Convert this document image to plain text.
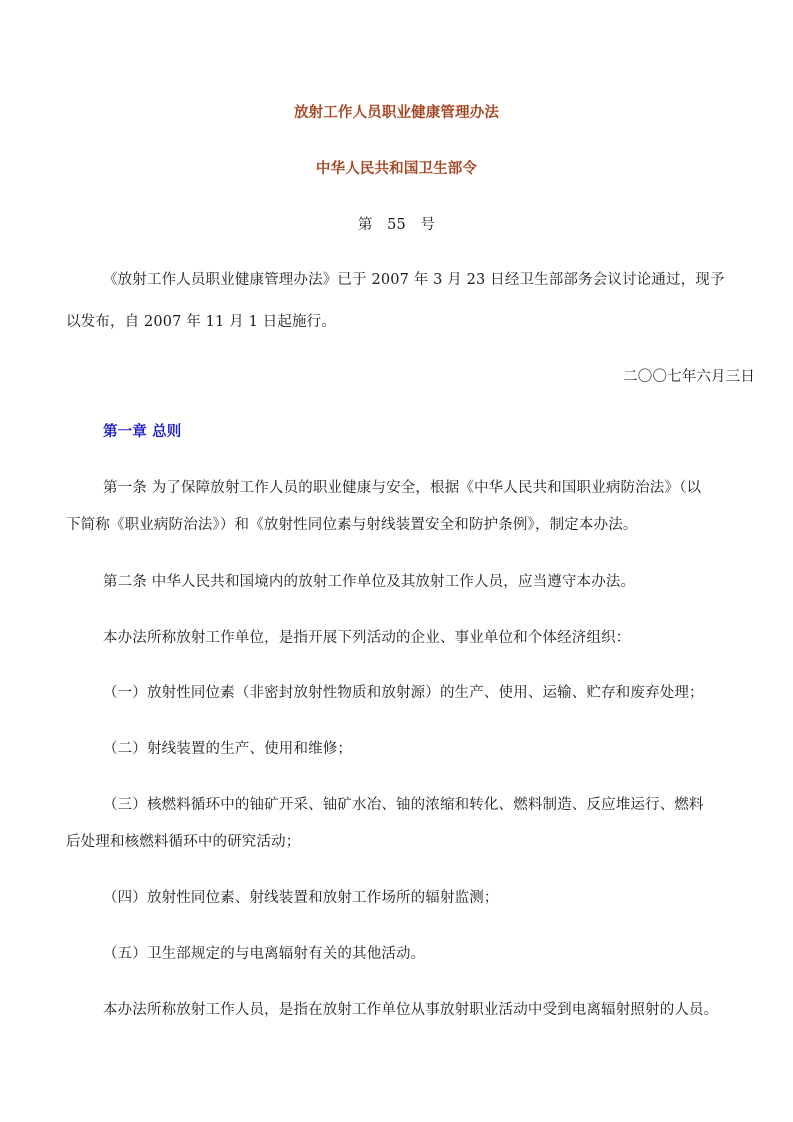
放射工作人员职业健康管理办法
中华人民共和国卫生部令
第　55　号
《放射工作人员职业健康管理办法》已于 2007 年 3 月 23 日经卫生部部务会议讨论通过，现予
以发布，自 2007 年 11 月 1 日起施行。
二〇〇七年六月三日
第一章 总则
第一条 为了保障放射工作人员的职业健康与安全，根据《中华人民共和国职业病防治法》（以
下简称《职业病防治法》）和《放射性同位素与射线装置安全和防护条例》，制定本办法。
第二条 中华人民共和国境内的放射工作单位及其放射工作人员，应当遵守本办法。
本办法所称放射工作单位，是指开展下列活动的企业、事业单位和个体经济组织：
（一）放射性同位素（非密封放射性物质和放射源）的生产、使用、运输、贮存和废弃处理；
（二）射线装置的生产、使用和维修；
（三）核燃料循环中的铀矿开采、铀矿水冶、铀的浓缩和转化、燃料制造、反应堆运行、燃料
后处理和核燃料循环中的研究活动；
（四）放射性同位素、射线装置和放射工作场所的辐射监测；
（五）卫生部规定的与电离辐射有关的其他活动。
本办法所称放射工作人员，是指在放射工作单位从事放射职业活动中受到电离辐射照射的人员。
